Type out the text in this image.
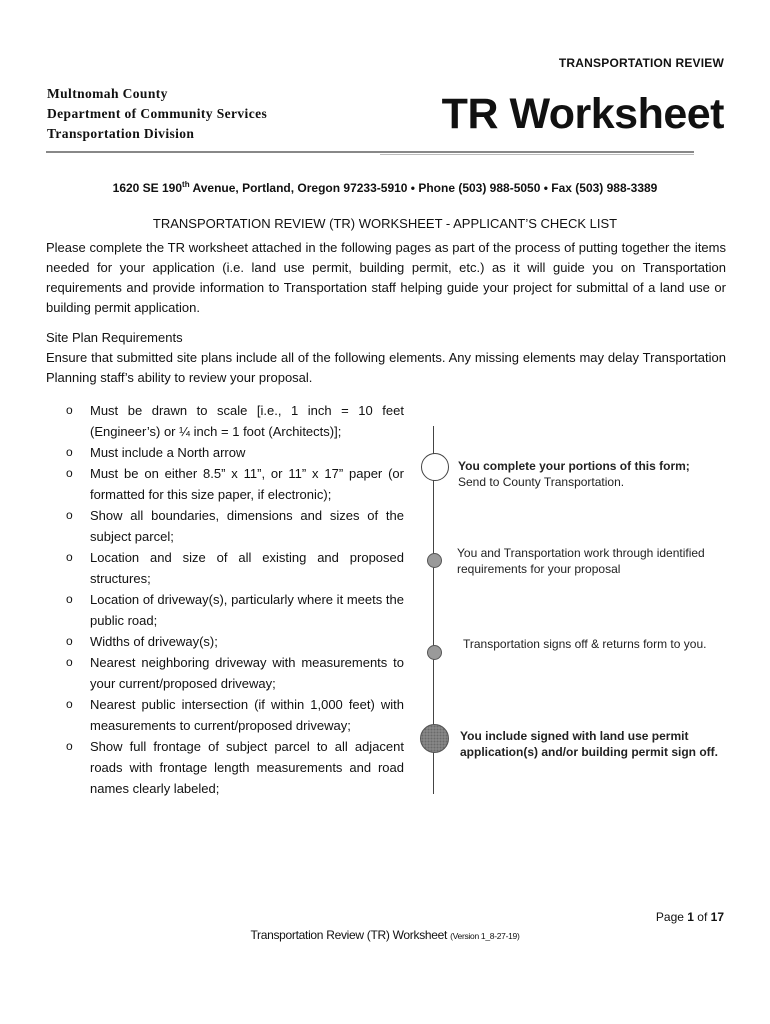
TRANSPORTATION REVIEW
Multnomah County
Department of Community Services
Transportation Division	TR Worksheet
1620 SE 190th Avenue, Portland, Oregon 97233-5910 • Phone (503) 988-5050 • Fax (503) 988-3389
TRANSPORTATION REVIEW (TR) WORKSHEET - APPLICANT’S CHECK LIST
Please complete the TR worksheet attached in the following pages as part of the process of putting together the items needed for your application (i.e. land use permit, building permit, etc.) as it will guide you on Transportation requirements and provide information to Transportation staff helping guide your project for submittal of a land use or building permit application.
Site Plan Requirements
Ensure that submitted site plans include all of the following elements. Any missing elements may delay Transportation Planning staff’s ability to review your proposal.
o Must be drawn to scale [i.e., 1 inch = 10 feet (Engineer’s) or ¼ inch = 1 foot (Architects)];
o Must include a North arrow
o Must be on either 8.5” x 11”, or 11” x 17” paper (or formatted for this size paper, if electronic);
o Show all boundaries, dimensions and sizes of the subject parcel;
o Location and size of all existing and proposed structures;
o Location of driveway(s), particularly where it meets the public road;
o Widths of driveway(s);
o Nearest neighboring driveway with measurements to your current/proposed driveway;
o Nearest public intersection (if within 1,000 feet) with measurements to current/proposed driveway;
o Show full frontage of subject parcel to all adjacent roads with frontage length measurements and road names clearly labeled;
You complete your portions of this form;
Send to County Transportation.
You and Transportation work through identified requirements for your proposal
Transportation signs off & returns form to you.
You include signed with land use permit application(s) and/or building permit sign off.
Page 1 of 17
Transportation Review (TR) Worksheet (Version 1_8-27-19)
